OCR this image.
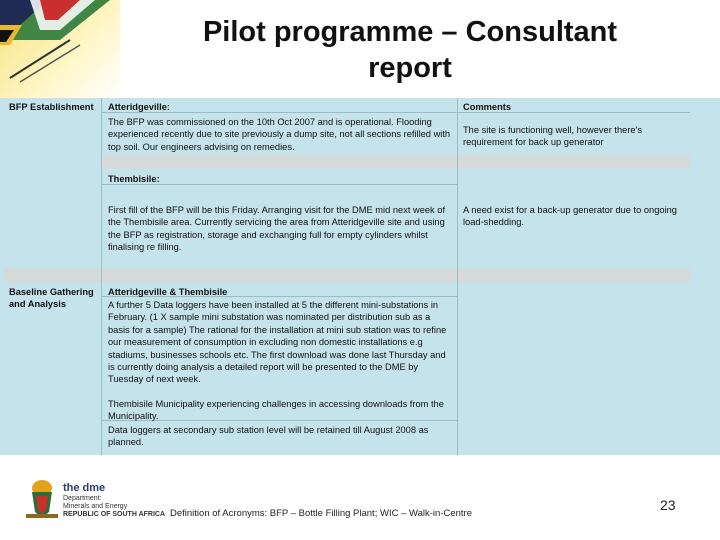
Pilot programme – Consultant
report
BFP Establishment	Atteridgeville:	Comments
The BFP was commissioned on the 10th Oct 2007 and is operational. Flooding experienced recently due to site previously a dump site, not all sections refilled with top soil. Our engineers advising on remedies.
The site is functioning well, however there's requirement for back up generator
Thembisile:
First fill of the BFP will be this Friday. Arranging visit for the DME mid next week of the Thembisile area. Currently servicing the area from Atteridgeville site and using the BFP as registration, storage and exchanging full for empty cylinders whilst finalising re filling.
A need exist for a back-up generator due to ongoing load-shedding.
Baseline Gathering and Analysis
Atteridgeville & Thembisile
A further 5 Data loggers have been installed at 5 the different mini-substations in February. (1 X sample mini substation was nominated per distribution sub as a basis for a sample) The rational for the installation at mini sub station was to refine our measurement of consumption in excluding non domestic installations e.g stadiums, businesses schools etc. The first download was done last Thursday and is currently doing analysis a detailed report will be presented to the DME by Tuesday of next week.
Thembisile Municipality experiencing challenges in accessing downloads from the Municipality.
Data loggers at secondary sub station level will be retained till August 2008 as planned.
the dme
Department:
Minerals and Energy
REPUBLIC OF SOUTH AFRICA Definition of Acronyms: BFP – Bottle Filling Plant; WIC – Walk-in-Centre
23
